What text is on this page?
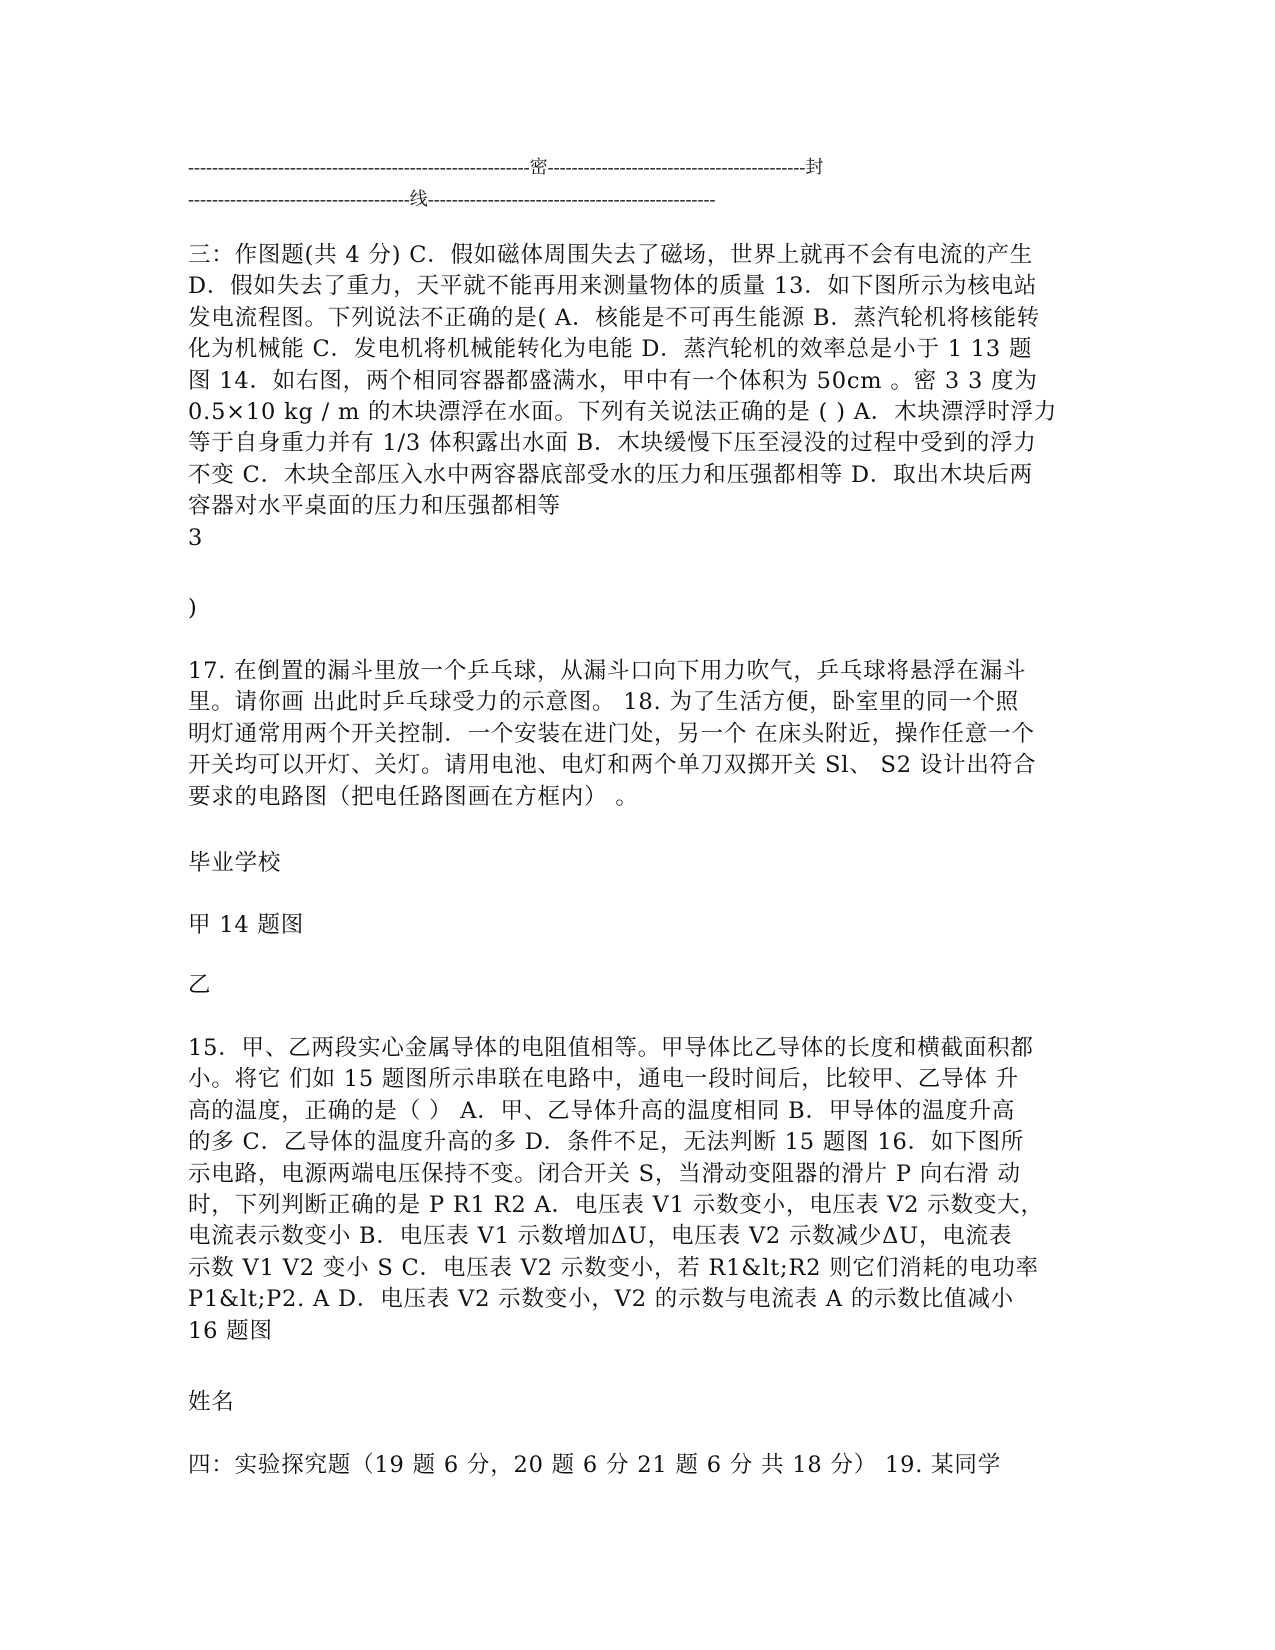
---------------------------------------------------------密-------------------------------------------封
-------------------------------------线------------------------------------------------
三：作图题(共 4 分) C．假如磁体周围失去了磁场，世界上就再不会有电流的产生
D．假如失去了重力，天平就不能再用来测量物体的质量 13．如下图所示为核电站
发电流程图。下列说法不正确的是( A．核能是不可再生能源 B．蒸汽轮机将核能转
化为机械能 C．发电机将机械能转化为电能 D．蒸汽轮机的效率总是小于 1 13 题
图 14．如右图，两个相同容器都盛满水，甲中有一个体积为 50cm 。密 3 3 度为
0.5×10 kg / m 的木块漂浮在水面。下列有关说法正确的是 ( ) A．木块漂浮时浮力
等于自身重力并有 1/3 体积露出水面 B．木块缓慢下压至浸没的过程中受到的浮力
不变 C．木块全部压入水中两容器底部受水的压力和压强都相等 D．取出木块后两
容器对水平桌面的压力和压强都相等
3
)
17. 在倒置的漏斗里放一个乒乓球，从漏斗口向下用力吹气，乒乓球将悬浮在漏斗
里。请你画 出此时乒乓球受力的示意图。 18. 为了生活方便，卧室里的同一个照
明灯通常用两个开关控制．一个安装在进门处，另一个 在床头附近，操作任意一个
开关均可以开灯、关灯。请用电池、电灯和两个单刀双掷开关 Sl、 S2 设计出符合
要求的电路图（把电任路图画在方框内） 。
毕业学校
甲 14 题图
乙
15．甲、乙两段实心金属导体的电阻值相等。甲导体比乙导体的长度和横截面积都
小。将它 们如 15 题图所示串联在电路中，通电一段时间后，比较甲、乙导体 升
高的温度，正确的是（ ） A．甲、乙导体升高的温度相同 B．甲导体的温度升高
的多 C．乙导体的温度升高的多 D．条件不足，无法判断 15 题图 16．如下图所
示电路，电源两端电压保持不变。闭合开关 S，当滑动变阻器的滑片 P 向右滑 动
时，下列判断正确的是 P R1 R2 A．电压表 V1 示数变小，电压表 V2 示数变大，
电流表示数变小 B．电压表 V1 示数增加ΔU，电压表 V2 示数减少ΔU，电流表
示数 V1 V2 变小 S C．电压表 V2 示数变小，若 R1&lt;R2 则它们消耗的电功率
P1&lt;P2. A D．电压表 V2 示数变小，V2 的示数与电流表 A 的示数比值减小
16 题图
姓名
四：实验探究题（19 题 6 分，20 题 6 分 21 题 6 分 共 18 分） 19. 某同学
